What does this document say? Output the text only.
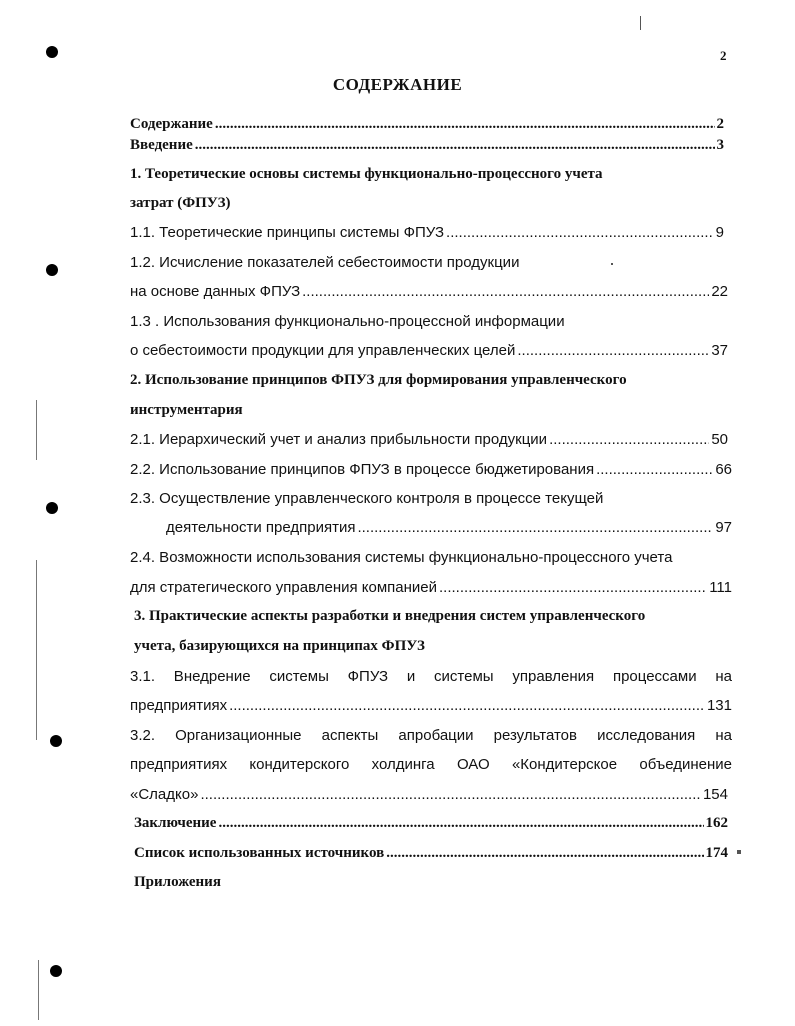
2
СОДЕРЖАНИЕ
Содержание .....	2
Введение .....	3
1. Теоретические основы системы функционально-процессного учета
затрат (ФПУЗ)
1.1. Теоретические принципы системы ФПУЗ .....	9
1.2. Исчисление показателей себестоимости продукции
на основе данных ФПУЗ .....	22
1.3 . Использования функционально-процессной информации
о себестоимости продукции для управленческих целей .....	37
2. Использование принципов ФПУЗ для формирования управленческого
инструментария
2.1. Иерархический учет и анализ прибыльности продукции .....	50
2.2. Использование принципов ФПУЗ в процессе бюджетирования .....	66
2.3. Осуществление управленческого контроля в процессе текущей
деятельности предприятия .....	97
2.4. Возможности использования системы функционально-процессного учета
для стратегического управления компанией .....	111
3. Практические аспекты разработки и внедрения систем управленческого
учета, базирующихся на принципах ФПУЗ
3.1. Внедрение системы ФПУЗ и системы управления процессами на
предприятиях .....	131
3.2. Организационные аспекты апробации результатов исследования на
предприятиях кондитерского холдинга ОАО «Кондитерское объединение
«Сладко» .....	154
Заключение .....	162
Список использованных источников .....	174
Приложения
